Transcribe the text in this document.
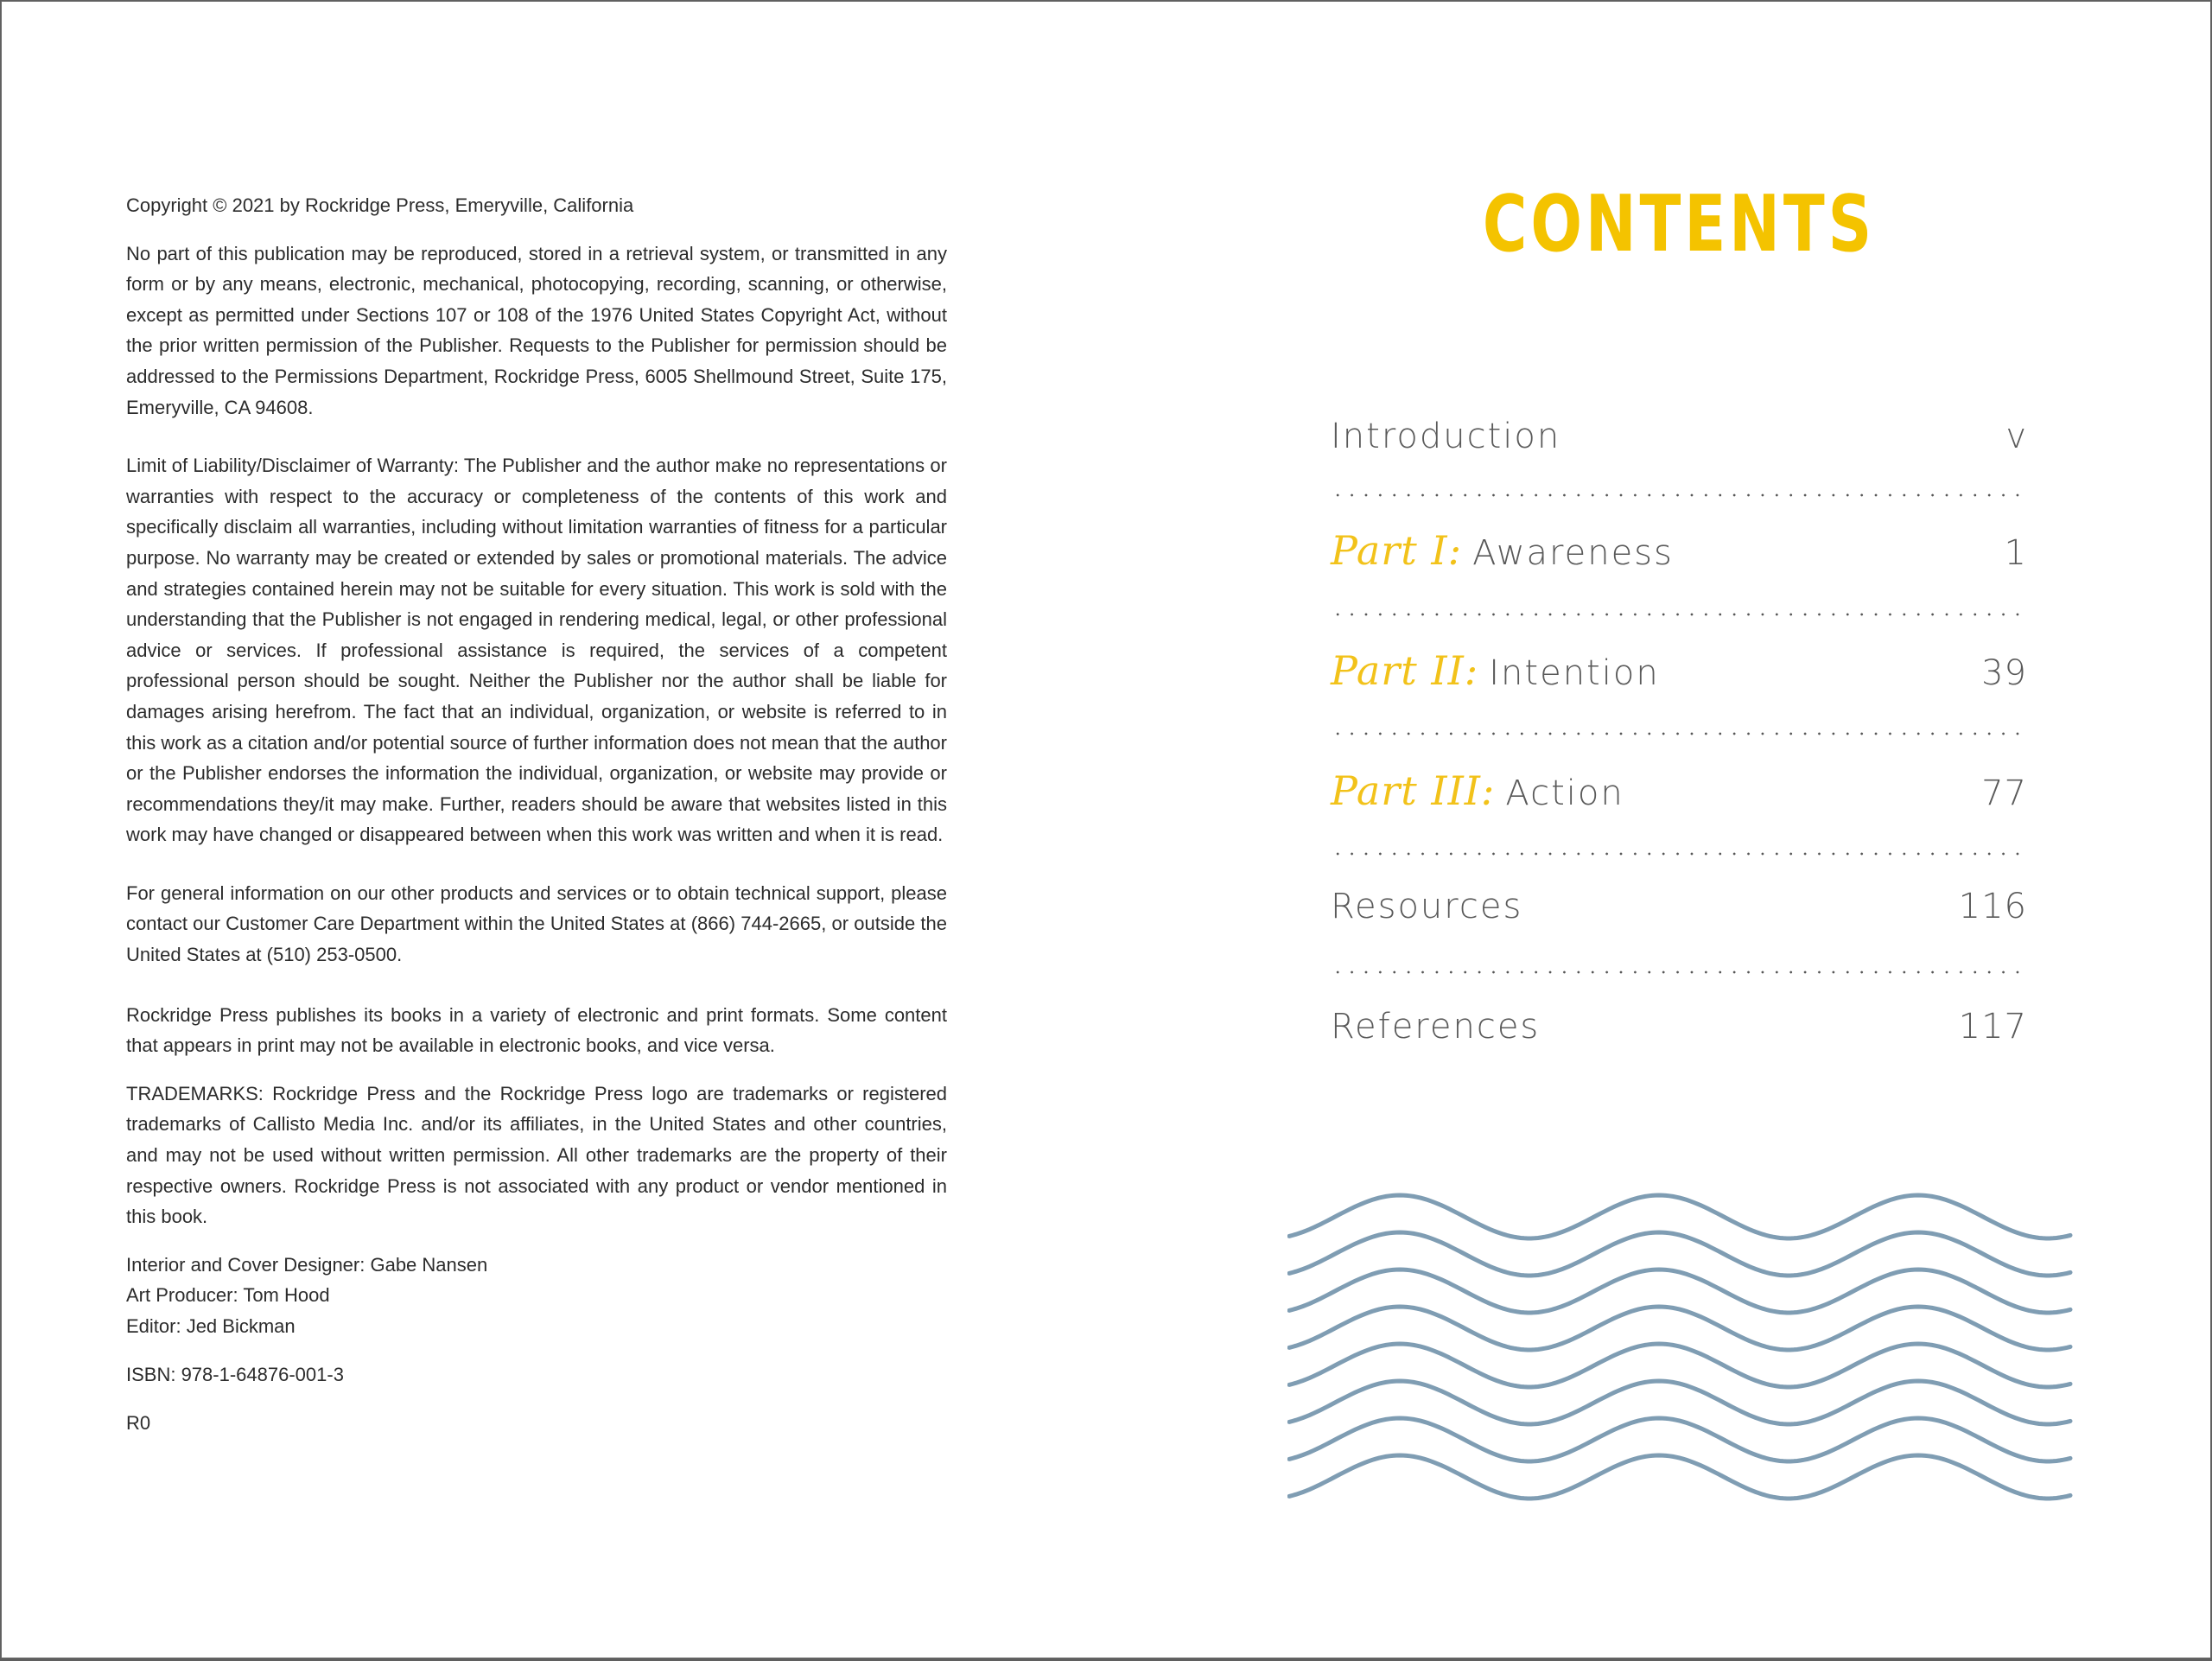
Copyright © 2021 by Rockridge Press, Emeryville, California

No part of this publication may be reproduced, stored in a retrieval system, or transmitted in any form or by any means, electronic, mechanical, photocopying, recording, scanning, or otherwise, except as permitted under Sections 107 or 108 of the 1976 United States Copyright Act, without the prior written permission of the Publisher. Requests to the Publisher for permission should be addressed to the Permissions Department, Rockridge Press, 6005 Shellmound Street, Suite 175, Emeryville, CA 94608.

Limit of Liability/Disclaimer of Warranty: The Publisher and the author make no representations or warranties with respect to the accuracy or completeness of the contents of this work and specifically disclaim all warranties, including without limitation warranties of fitness for a particular purpose. No warranty may be created or extended by sales or promotional materials. The advice and strategies contained herein may not be suitable for every situation. This work is sold with the understanding that the Publisher is not engaged in rendering medical, legal, or other professional advice or services. If professional assistance is required, the services of a competent professional person should be sought. Neither the Publisher nor the author shall be liable for damages arising herefrom. The fact that an individual, organization, or website is referred to in this work as a citation and/or potential source of further information does not mean that the author or the Publisher endorses the information the individual, organization, or website may provide or recommendations they/it may make. Further, readers should be aware that websites listed in this work may have changed or disappeared between when this work was written and when it is read.

For general information on our other products and services or to obtain technical support, please contact our Customer Care Department within the United States at (866) 744-2665, or outside the United States at (510) 253-0500.

Rockridge Press publishes its books in a variety of electronic and print formats. Some content that appears in print may not be available in electronic books, and vice versa.

TRADEMARKS: Rockridge Press and the Rockridge Press logo are trademarks or registered trademarks of Callisto Media Inc. and/or its affiliates, in the United States and other countries, and may not be used without written permission. All other trademarks are the property of their respective owners. Rockridge Press is not associated with any product or vendor mentioned in this book.

Interior and Cover Designer: Gabe Nansen

Art Producer: Tom Hood

Editor: Jed Bickman

ISBN: 978-1-64876-001-3

R0

CONTENTS
Introduction	v
Part I: Awareness	1
Part II: Intention	39
Part III: Action	77
Resources	116
References	117
